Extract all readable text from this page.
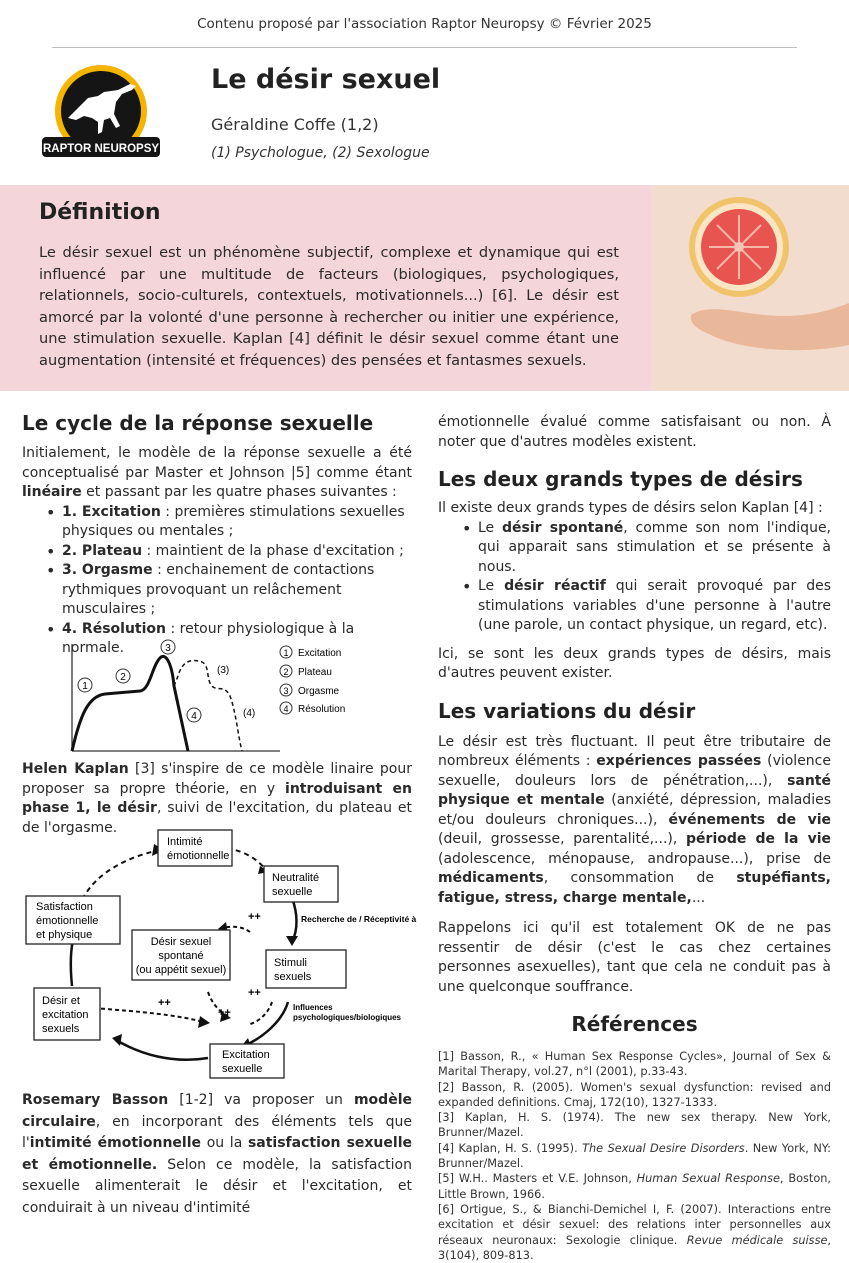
Contenu proposé par l'association Raptor Neuropsy © Février 2025
RAPTOR NEUROPSY
Le désir sexuel
Géraldine Coffe (1,2)
(1) Psychologue, (2) Sexologue
Définition
Le désir sexuel est un phénomène subjectif, complexe et dynamique qui est influencé par une multitude de facteurs (biologiques, psychologiques, relationnels, socio-culturels, contextuels, motivationnels...) [6]. Le désir est amorcé par la volonté d'une personne à rechercher ou initier une expérience, une stimulation sexuelle. Kaplan [4] définit le désir sexuel comme étant une augmentation (intensité et fréquences) des pensées et fantasmes sexuels.
Le cycle de la réponse sexuelle

Initialement, le modèle de la réponse sexuelle a été conceptualisé par Master et Johnson |5] comme étant linéaire et passant par les quatre phases suivantes :

• 1. Excitation : premières stimulations sexuelles physiques ou mentales ;
• 2. Plateau : maintient de la phase d'excitation ;
• 3. Orgasme : enchainement de contactions rythmiques provoquant un relâchement musculaires ;
• 4. Résolution : retour physiologique à la normale.
1
2
3
4
(3)
(4)
1 Excitation
2 Plateau
3 Orgasme
4 Résolution
Helen Kaplan [3] s'inspire de ce modèle linaire pour proposer sa propre théorie, en y introduisant en phase 1, le désir, suivi de l'excitation, du plateau et de l'orgasme.
++
++
++
++
Intimité
émotionnelle
Neutralité
sexuelle
Satisfaction
émotionnelle
et physique
Désir sexuel
spontané
(ou appétit sexuel)
Stimuli
sexuels
Désir et
excitation
sexuels
Excitation
sexuelle
Recherche de / Réceptivité à
Influences
psychologiques/biologiques
Rosemary Basson [1-2] va proposer un modèle circulaire, en incorporant des éléments tels que l'intimité émotionnelle ou la satisfaction sexuelle et émotionnelle. Selon ce modèle, la satisfaction sexuelle alimenterait le désir et l'excitation, et conduirait à un niveau d'intimité

émotionnelle évalué comme satisfaisant ou non. À noter que d'autres modèles existent.

Les deux grands types de désirs

Il existe deux grands types de désirs selon Kaplan [4] :

• Le désir spontané, comme son nom l'indique, qui apparait sans stimulation et se présente à nous.
• Le désir réactif qui serait provoqué par des stimulations variables d'une personne à l'autre (une parole, un contact physique, un regard, etc).

Ici, se sont les deux grands types de désirs, mais d'autres peuvent exister.

Les variations du désir

Le désir est très fluctuant. Il peut être tributaire de nombreux éléments : expériences passées (violence sexuelle, douleurs lors de pénétration,...), santé physique et mentale (anxiété, dépression, maladies et/ou douleurs chroniques...), événements de vie (deuil, grossesse, parentalité,...), période de la vie (adolescence, ménopause, andropause...), prise de médicaments, consommation de stupéfiants, fatigue, stress, charge mentale,...

Rappelons ici qu'il est totalement OK de ne pas ressentir de désir (c'est le cas chez certaines personnes asexuelles), tant que cela ne conduit pas à une quelconque souffrance.

Références

[1] Basson, R., « Human Sex Response Cycles», Journal of Sex & Marital Therapy, vol.27, n°l (2001), p.33-43.

[2] Basson, R. (2005). Women's sexual dysfunction: revised and expanded definitions. Cmaj, 172(10), 1327-1333.

[3] Kaplan, H. S. (1974). The new sex therapy. New York, Brunner/Mazel.

[4] Kaplan, H. S. (1995). The Sexual Desire Disorders. New York, NY: Brunner/Mazel.

[5] W.H.. Masters et V.E. Johnson, Human Sexual Response, Boston, Little Brown, 1966.

[6] Ortigue, S., & Bianchi-Demichel I, F. (2007). Interactions entre excitation et désir sexuel: des relations inter personnelles aux réseaux neuronaux: Sexologie clinique. Revue médicale suisse, 3(104), 809-813.
